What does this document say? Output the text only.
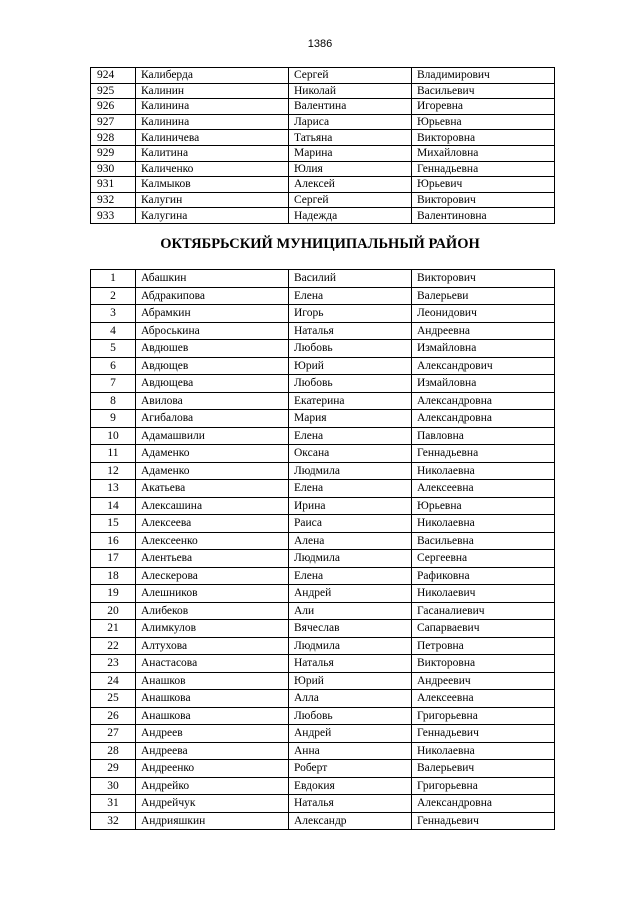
1386
924	Калиберда	Сергей	Владимирович
925	Калинин	Николай	Васильевич
926	Калинина	Валентина	Игоревна
927	Калинина	Лариса	Юрьевна
928	Калиничева	Татьяна	Викторовна
929	Калитина	Марина	Михайловна
930	Каличенко	Юлия	Геннадьевна
931	Калмыков	Алексей	Юрьевич
932	Калугин	Сергей	Викторович
933	Калугина	Надежда	Валентиновна
ОКТЯБРЬСКИЙ МУНИЦИПАЛЬНЫЙ РАЙОН
1	Абашкин	Василий	Викторович
2	Абдракипова	Елена	Валерьеви
3	Абрамкин	Игорь	Леонидович
4	Аброськина	Наталья	Андреевна
5	Авдюшев	Любовь	Измайловна
6	Авдющев	Юрий	Александрович
7	Авдющева	Любовь	Измайловна
8	Авилова	Екатерина	Александровна
9	Агибалова	Мария	Александровна
10	Адамашвили	Елена	Павловна
11	Адаменко	Оксана	Геннадьевна
12	Адаменко	Людмила	Николаевна
13	Акатьева	Елена	Алексеевна
14	Алексашина	Ирина	Юрьевна
15	Алексеева	Раиса	Николаевна
16	Алексеенко	Алена	Васильевна
17	Алентьева	Людмила	Сергеевна
18	Алескерова	Елена	Рафиковна
19	Алешников	Андрей	Николаевич
20	Алибеков	Али	Гасаналиевич
21	Алимкулов	Вячеслав	Сапарваевич
22	Алтухова	Людмила	Петровна
23	Анастасова	Наталья	Викторовна
24	Анашков	Юрий	Андреевич
25	Анашкова	Алла	Алексеевна
26	Анашкова	Любовь	Григорьевна
27	Андреев	Андрей	Геннадьевич
28	Андреева	Анна	Николаевна
29	Андреенко	Роберт	Валерьевич
30	Андрейко	Евдокия	Григорьевна
31	Андрейчук	Наталья	Александровна
32	Андрияшкин	Александр	Геннадьевич
